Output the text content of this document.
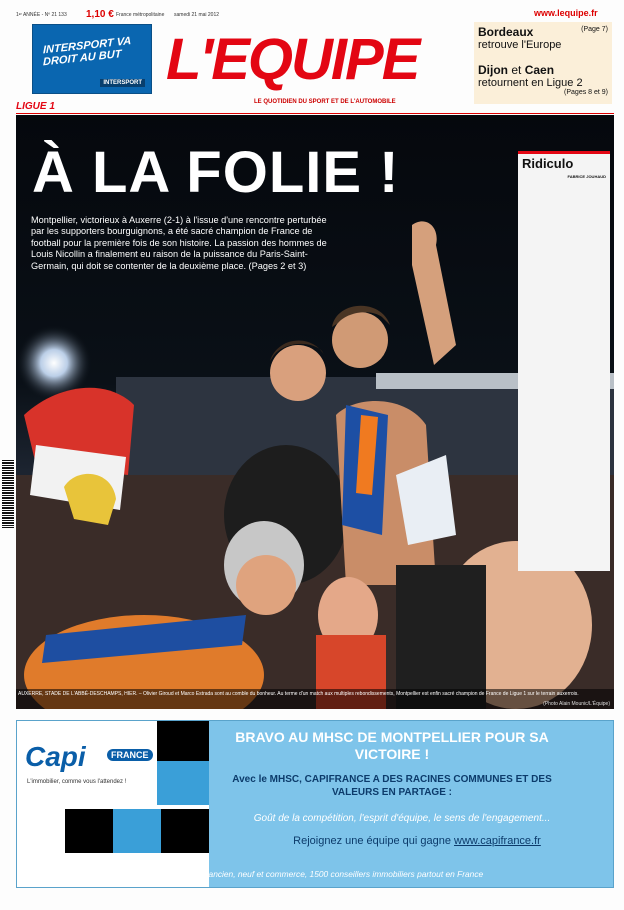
1ᵉʳ ANNÉE - Nº 21 133 1,10 € France métropolitaine samedi 21 mai 2012	www.lequipe.fr
INTERSPORT VA DROIT AU BUT
INTERSPORT L'EQUIPE
LE QUOTIDIEN DU SPORT ET DE L'AUTOMOBILE
Bordeaux	(Page 7)
retrouve l'Europe
Dijon et Caen
retournent en Ligue 2
(Pages 8 et 9)
LIGUE 1
À LA FOLIE !
Montpellier, victorieux à Auxerre (2-1) à l'issue d'une rencontre perturbée par les supporters bourguignons, a été sacré champion de France de football pour la première fois de son histoire. La passion des hommes de Louis Nicollin a finalement eu raison de la puissance du Paris-Saint-Germain, qui doit se contenter de la deuxième place. (Pages 2 et 3)
Ridiculo
FABRICE JOUHAUD
AUXERRE, STADE DE L'ABBÉ-DESCHAMPS, HIER. – Olivier Giroud et Marco Estrada sont au comble du bonheur. Au terme d'un match aux multiples rebondissements, Montpellier est enfin sacré champion de France de Ligue 1 sur le terrain auxerrois.
(Photo Alain Mounic/L'Équipe)
Capi	FRANCE
L'immobilier, comme vous l'attendez !
BRAVO AU MHSC DE MONTPELLIER POUR SA VICTOIRE !
Avec le MHSC, CAPIFRANCE A DES RACINES COMMUNES ET DES VALEURS EN PARTAGE :
Goût de la compétition, l'esprit d'équipe, le sens de l'engagement...
Rejoignez une équipe qui gagne www.capifrance.fr
CAPIFRANCE : Acteur majeur dans l'immobilier ancien, neuf et commerce, 1500 conseillers immobiliers partout en France
